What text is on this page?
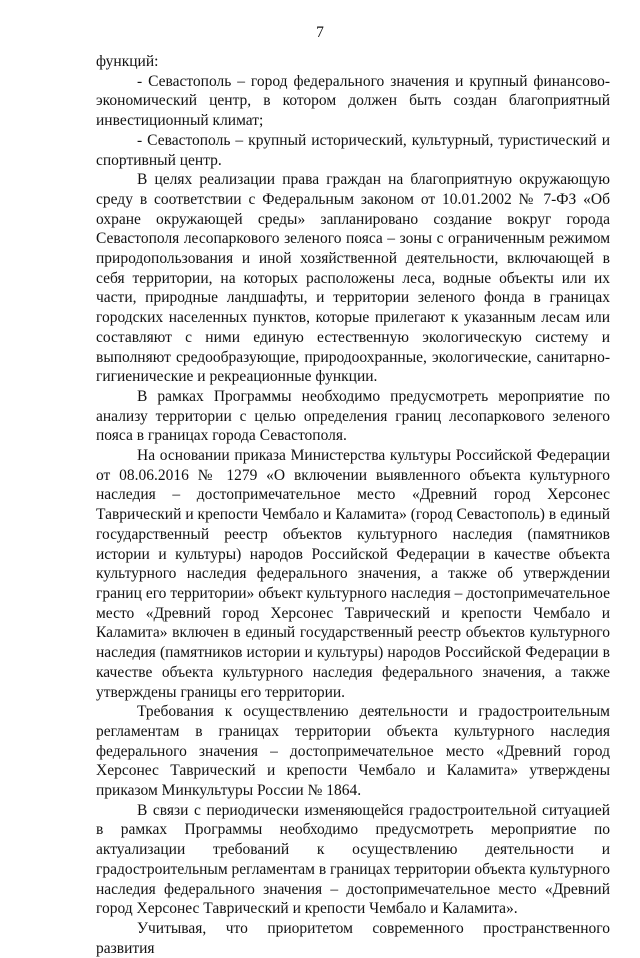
7

функций:

- Севастополь – город федерального значения и крупный финансово-экономический центр, в котором должен быть создан благоприятный инвестиционный климат;

- Севастополь – крупный исторический, культурный, туристический и спортивный центр.

В целях реализации права граждан на благоприятную окружающую среду в соответствии с Федеральным законом от 10.01.2002 № 7-ФЗ «Об охране окружающей среды» запланировано создание вокруг города Севастополя лесопаркового зеленого пояса – зоны с ограниченным режимом природопользования и иной хозяйственной деятельности, включающей в себя территории, на которых расположены леса, водные объекты или их части, природные ландшафты, и территории зеленого фонда в границах городских населенных пунктов, которые прилегают к указанным лесам или составляют с ними единую естественную экологическую систему и выполняют средообразующие, природоохранные, экологические, санитарно-гигиенические и рекреационные функции.

В рамках Программы необходимо предусмотреть мероприятие по анализу территории с целью определения границ лесопаркового зеленого пояса в границах города Севастополя.

На основании приказа Министерства культуры Российской Федерации от 08.06.2016 № 1279 «О включении выявленного объекта культурного наследия – достопримечательное место «Древний город Херсонес Таврический и крепости Чембало и Каламита» (город Севастополь) в единый государственный реестр объектов культурного наследия (памятников истории и культуры) народов Российской Федерации в качестве объекта культурного наследия федерального значения, а также об утверждении границ его территории» объект культурного наследия – достопримечательное место «Древний город Херсонес Таврический и крепости Чембало и Каламита» включен в единый государственный реестр объектов культурного наследия (памятников истории и культуры) народов Российской Федерации в качестве объекта культурного наследия федерального значения, а также утверждены границы его территории.

Требования к осуществлению деятельности и градостроительным регламентам в границах территории объекта культурного наследия федерального значения – достопримечательное место «Древний город Херсонес Таврический и крепости Чембало и Каламита» утверждены приказом Минкультуры России № 1864.

В связи с периодически изменяющейся градостроительной ситуацией в рамках Программы необходимо предусмотреть мероприятие по актуализации требований к осуществлению деятельности и градостроительным регламентам в границах территории объекта культурного наследия федерального значения – достопримечательное место «Древний город Херсонес Таврический и крепости Чембало и Каламита».

Учитывая, что приоритетом современного пространственного развития
